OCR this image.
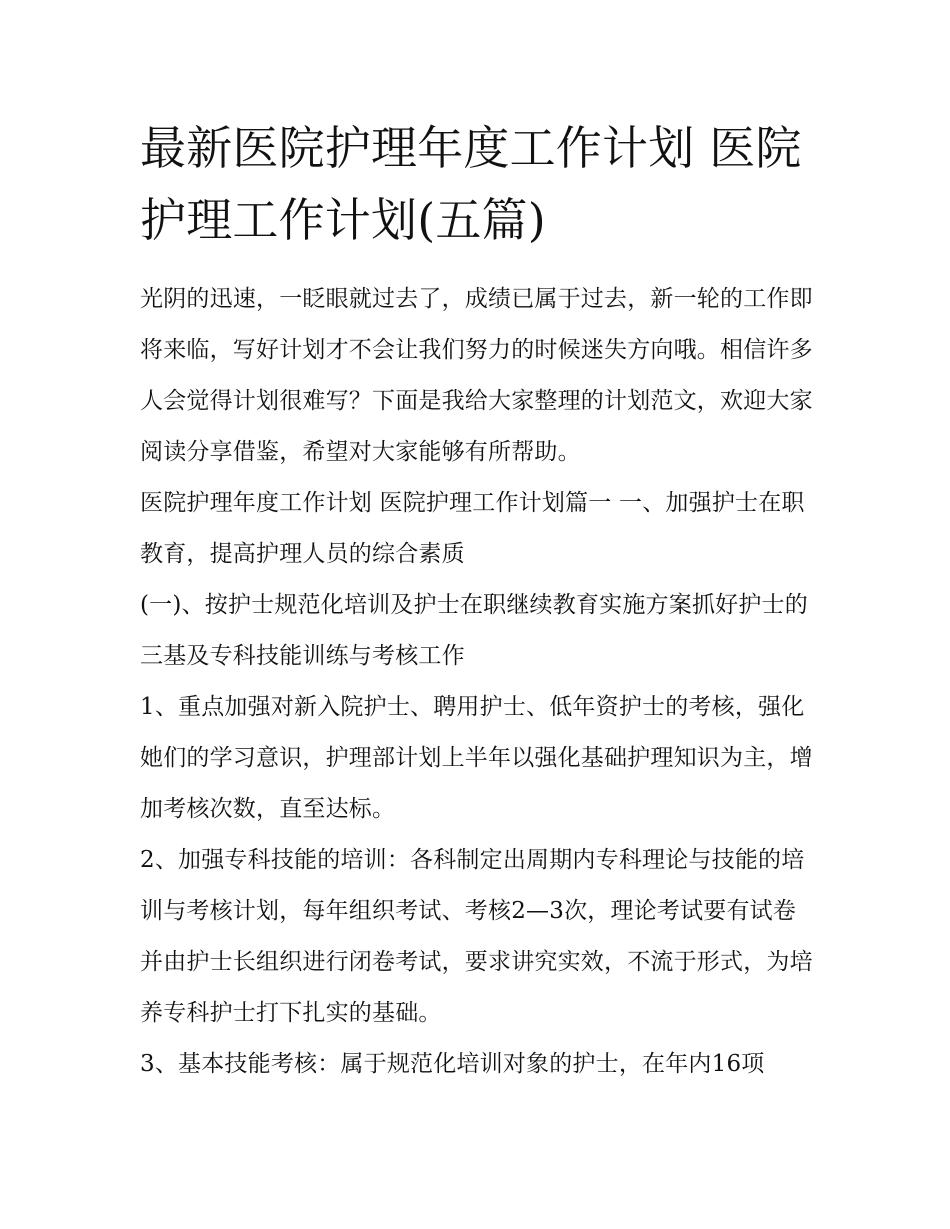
最新医院护理年度工作计划 医院护理工作计划(五篇)

光阴的迅速，一眨眼就过去了，成绩已属于过去，新一轮的工作即将来临，写好计划才不会让我们努力的时候迷失方向哦。相信许多人会觉得计划很难写？下面是我给大家整理的计划范文，欢迎大家阅读分享借鉴，希望对大家能够有所帮助。

医院护理年度工作计划 医院护理工作计划篇一 一、加强护士在职教育，提高护理人员的综合素质

(一)、按护士规范化培训及护士在职继续教育实施方案抓好护士的三基及专科技能训练与考核工作

1、重点加强对新入院护士、聘用护士、低年资护士的考核，强化她们的学习意识，护理部计划上半年以强化基础护理知识为主，增加考核次数，直至达标。

2、加强专科技能的培训：各科制定出周期内专科理论与技能的培训与考核计划，每年组织考试、考核2—3次，理论考试要有试卷并由护士长组织进行闭卷考试，要求讲究实效，不流于形式，为培养专科护士打下扎实的基础。

3、基本技能考核：属于规范化培训对象的护士，在年内16项
